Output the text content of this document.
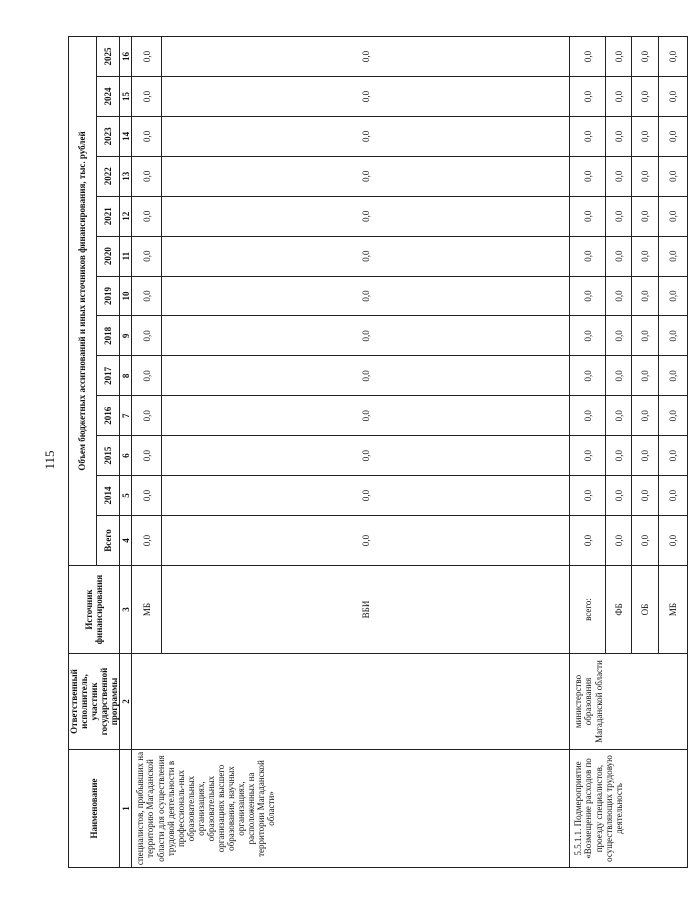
115
Наименование	Ответственный исполнитель, участник государственной программы	Источник финансирования	Объем бюджетных ассигнований и иных источников финансирования, тыс. рублей												
			Всего	2014	2015	2016	2017	2018	2019	2020	2021	2022	2023	2024	2025
1	2	3	4	5	6	7	8	9	10	11	12	13	14	15	16
специалистов, прибывших на территорию Магаданской области для осуществления трудовой деятельности в профессиональ-ных образовательных организациях, образовательных организациях высшего образования, научных организациях, расположенных на территории Магаданской области»		МБ	0,0	0,0	0,0	0,0	0,0	0,0	0,0	0,0	0,0	0,0	0,0	0,0	0,0
		ВБИ	0,0	0,0	0,0	0,0	0,0	0,0	0,0	0,0	0,0	0,0	0,0	0,0	0,0
5.5.1.1. Подмероприятие «Возмещение расходов по проезду специалистов, осуществляющих трудовую деятельность	министерство образования Магаданской области	всего:	0,0	0,0	0,0	0,0	0,0	0,0	0,0	0,0	0,0	0,0	0,0	0,0	0,0
		ФБ	0,0	0,0	0,0	0,0	0,0	0,0	0,0	0,0	0,0	0,0	0,0	0,0	0,0
		ОБ	0,0	0,0	0,0	0,0	0,0	0,0	0,0	0,0	0,0	0,0	0,0	0,0	0,0
		МБ	0,0	0,0	0,0	0,0	0,0	0,0	0,0	0,0	0,0	0,0	0,0	0,0	0,0
